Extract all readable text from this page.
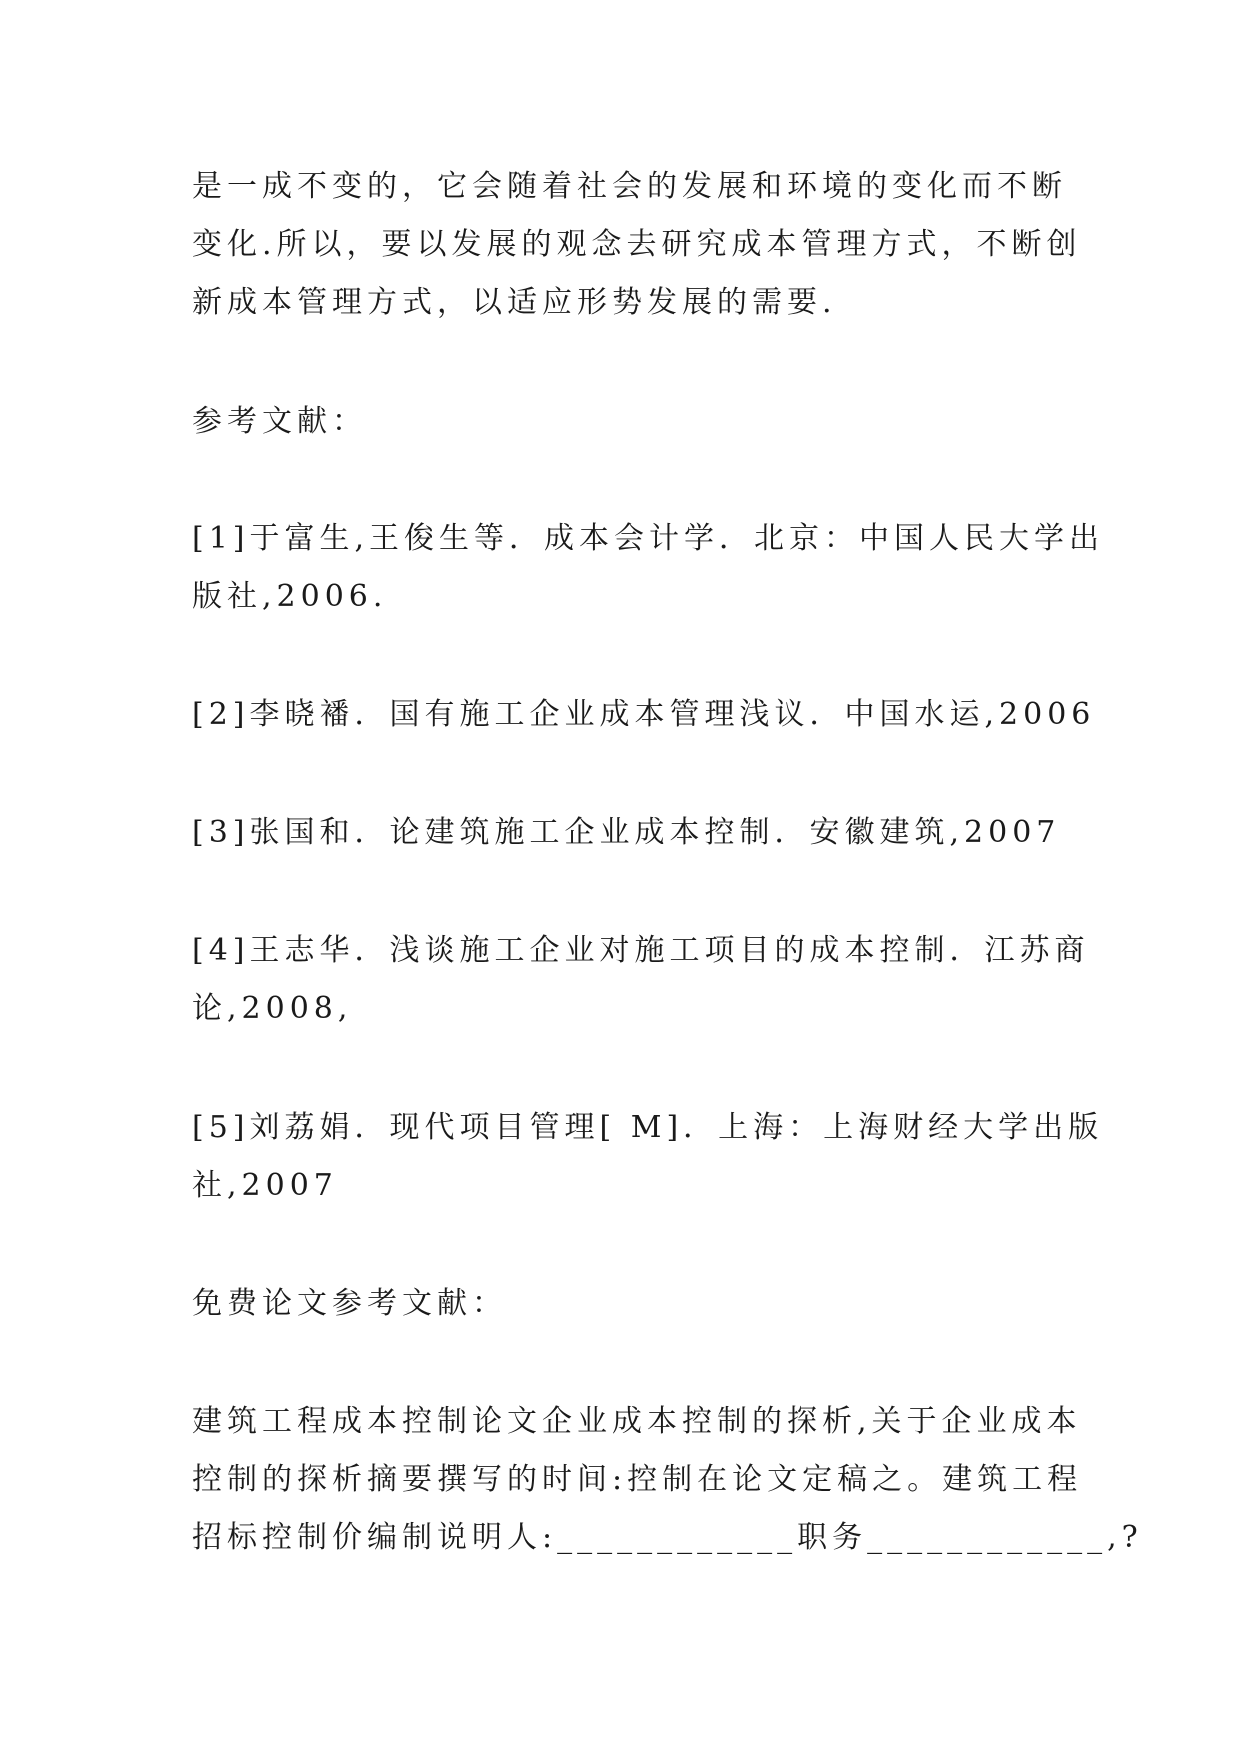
是一成不变的，它会随着社会的发展和环境的变化而不断
变化.所以，要以发展的观念去研究成本管理方式，不断创
新成本管理方式，以适应形势发展的需要.

参考文献：

[1]于富生,王俊生等．成本会计学．北京：中国人民大学出
版社,2006.

[2]李晓襎．国有施工企业成本管理浅议．中国水运,2006

[3]张国和．论建筑施工企业成本控制．安徽建筑,2007

[4]王志华．浅谈施工企业对施工项目的成本控制．江苏商
论,2008,

[5]刘荔娟．现代项目管理[ M]．上海：上海财经大学出版
社,2007

免费论文参考文献：

建筑工程成本控制论文企业成本控制的探析,关于企业成本
控制的探析摘要撰写的时间:控制在论文定稿之。建筑工程
招标控制价编制说明人:____________职务____________,?
